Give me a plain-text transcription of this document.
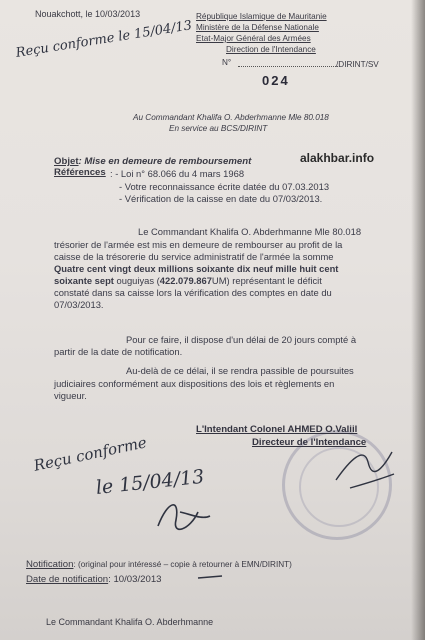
Nouakchott, le 10/03/2013
Reçu conforme le 15/04/13
République Islamique de Mauritanie
Ministère de la Défense Nationale
Etat-Major Général des Armées
Direction de l'Intendance
N°	/DIRINT/SV
024
Au Commandant Khalifa O. Abderhmanne Mle 80.018
En service au BCS/DIRINT
alakhbar.info
Objet: Mise en demeure de remboursement
Références : - Loi n° 68.066 du 4 mars 1968
- Votre reconnaissance écrite datée du 07.03.2013
- Vérification de la caisse en date du 07/03/2013.
Le Commandant Khalifa O. Abderhmanne Mle 80.018
trésorier de l'armée est mis en demeure de rembourser au profit de la
caisse de la trésorerie du service administratif de l'armée la somme
Quatre cent vingt deux millions soixante dix neuf mille huit cent
soixante sept ouguiyas (422.079.867UM) représentant le déficit
constaté dans sa caisse lors la vérification des comptes en date du
07/03/2013.
Pour ce faire, il dispose d'un délai de 20 jours compté à
partir de la date de notification.
Au-delà de ce délai, il se rendra passible de poursuites
judiciaires conformément aux dispositions des lois et règlements en
vigueur.
L'Intendant Colonel AHMED O.Valiil
Directeur de l'Intendance
Reçu conforme
le 15/04/13
Notification: (original pour intéressé – copie à retourner à EMN/DIRINT)
Date de notification: 10/03/2013
Le Commandant Khalifa O. Abderhmanne
